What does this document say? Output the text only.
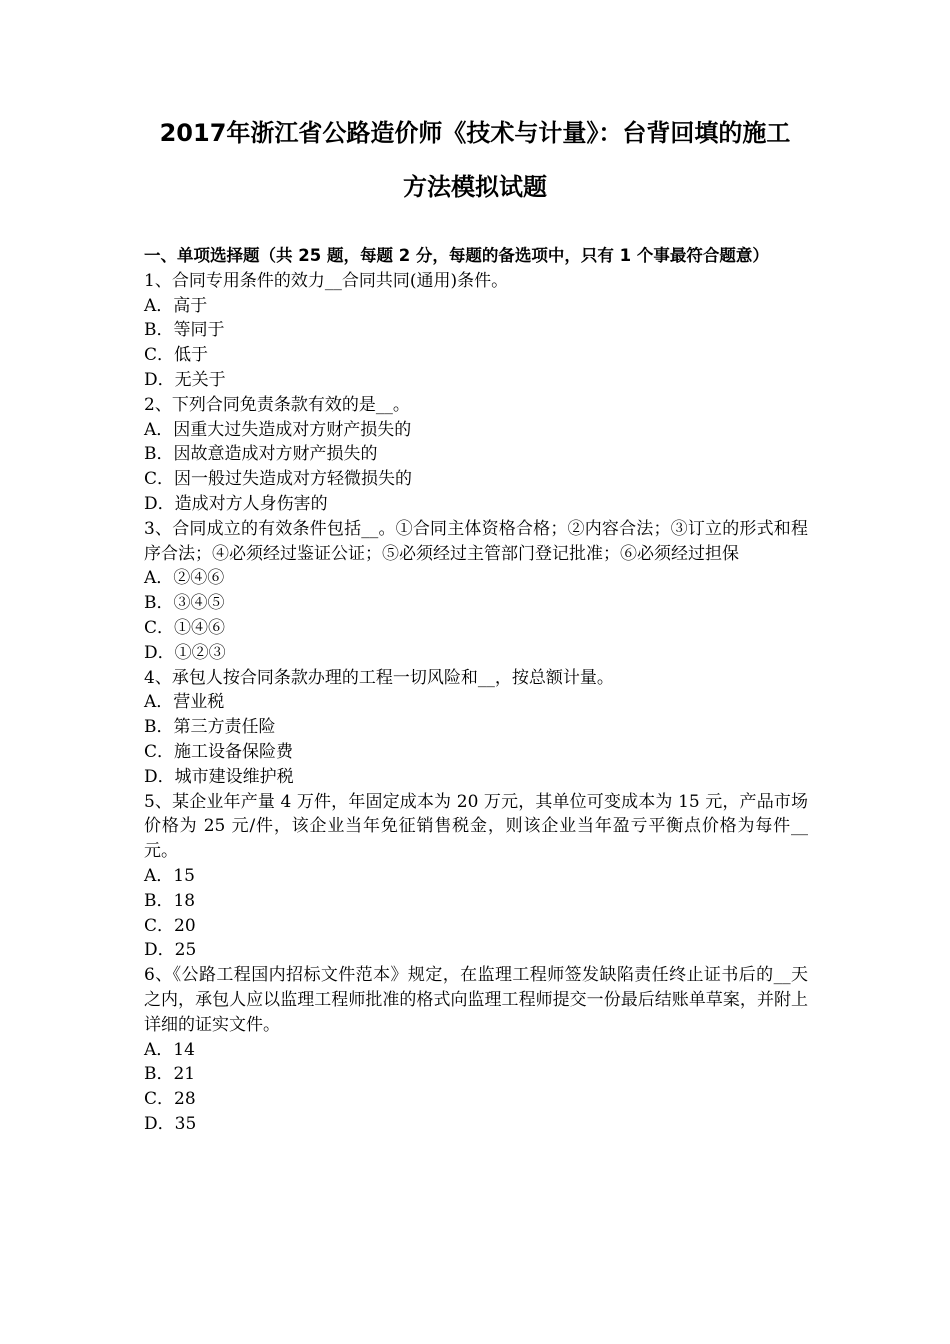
2017年浙江省公路造价师《技术与计量》：台背回填的施工
方法模拟试题

一、单项选择题（共 25 题，每题 2 分，每题的备选项中，只有 1 个事最符合题意）

1、合同专用条件的效力__合同共同(通用)条件。

A．高于

B．等同于

C．低于

D．无关于

2、下列合同免责条款有效的是__。

A．因重大过失造成对方财产损失的

B．因故意造成对方财产损失的

C．因一般过失造成对方轻微损失的

D．造成对方人身伤害的

3、合同成立的有效条件包括__。①合同主体资格合格；②内容合法；③订立的形式和程序合法；④必须经过鉴证公证；⑤必须经过主管部门登记批准；⑥必须经过担保

A．②④⑥

B．③④⑤

C．①④⑥

D．①②③

4、承包人按合同条款办理的工程一切风险和__，按总额计量。

A．营业税

B．第三方责任险

C．施工设备保险费

D．城市建设维护税

5、某企业年产量 4 万件，年固定成本为 20 万元，其单位可变成本为 15 元，产品市场价格为 25 元/件，该企业当年免征销售税金，则该企业当年盈亏平衡点价格为每件__元。

A．15

B．18

C．20

D．25

6、《公路工程国内招标文件范本》规定，在监理工程师签发缺陷责任终止证书后的__天之内，承包人应以监理工程师批准的格式向监理工程师提交一份最后结账单草案，并附上详细的证实文件。

A．14

B．21

C．28

D．35
